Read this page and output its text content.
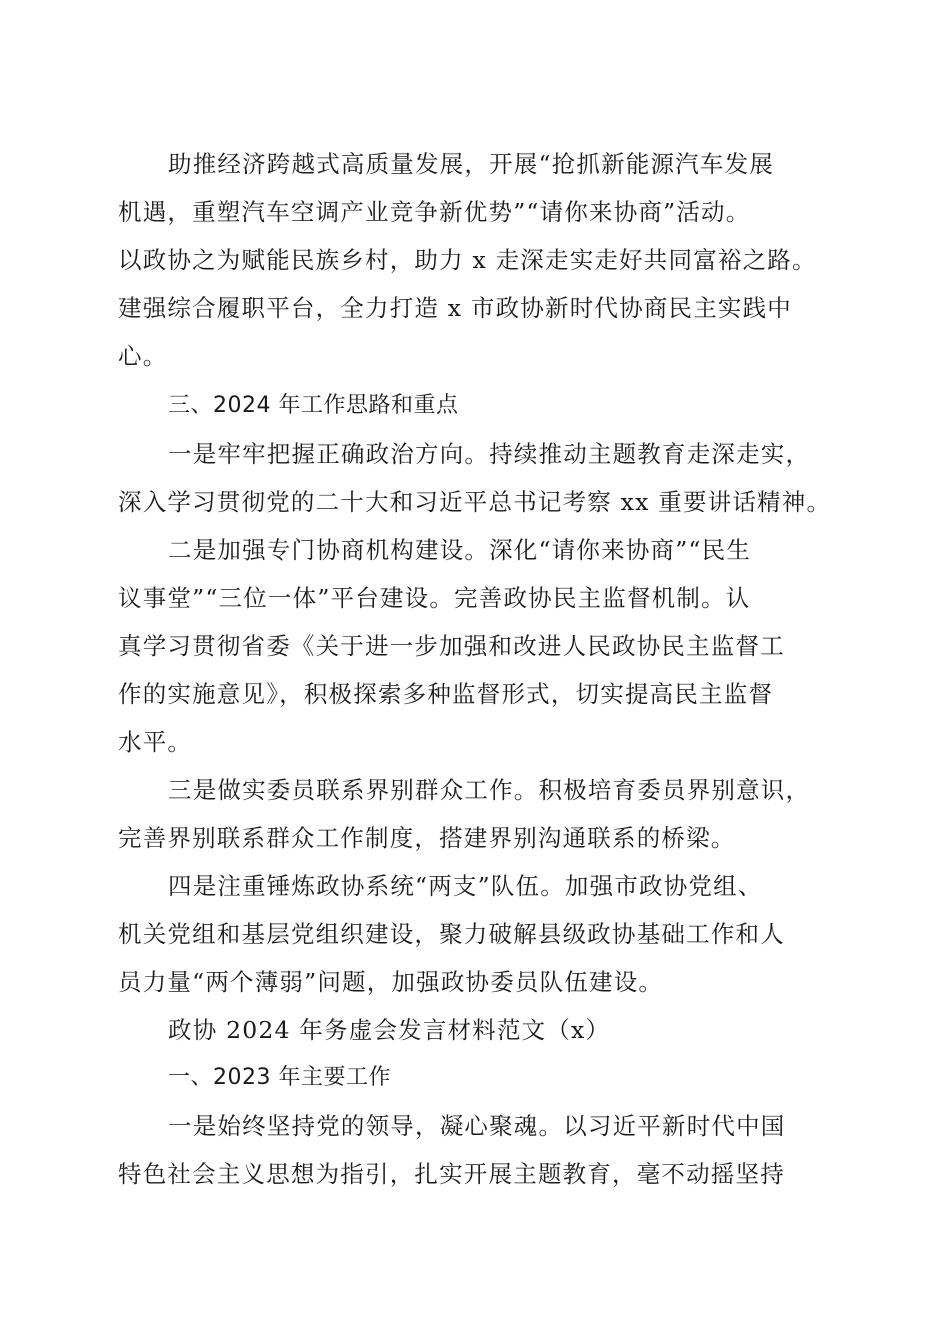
助推经济跨越式高质量发展，开展“抢抓新能源汽车发展
机遇，重塑汽车空调产业竞争新优势”“请你来协商”活动。
以政协之为赋能民族乡村，助力 x 走深走实走好共同富裕之路。
建强综合履职平台，全力打造 x 市政协新时代协商民主实践中
心。
三、2024 年工作思路和重点
一是牢牢把握正确政治方向。持续推动主题教育走深走实，
深入学习贯彻党的二十大和习近平总书记考察 xx 重要讲话精神。
二是加强专门协商机构建设。深化“请你来协商”“民生
议事堂”“三位一体”平台建设。完善政协民主监督机制。认
真学习贯彻省委《关于进一步加强和改进人民政协民主监督工
作的实施意见》，积极探索多种监督形式，切实提高民主监督
水平。
三是做实委员联系界别群众工作。积极培育委员界别意识，
完善界别联系群众工作制度，搭建界别沟通联系的桥梁。
四是注重锤炼政协系统“两支”队伍。加强市政协党组、
机关党组和基层党组织建设，聚力破解县级政协基础工作和人
员力量“两个薄弱”问题，加强政协委员队伍建设。
政协 2024 年务虚会发言材料范文（x）
一、2023 年主要工作
一是始终坚持党的领导，凝心聚魂。以习近平新时代中国
特色社会主义思想为指引，扎实开展主题教育，毫不动摇坚持
